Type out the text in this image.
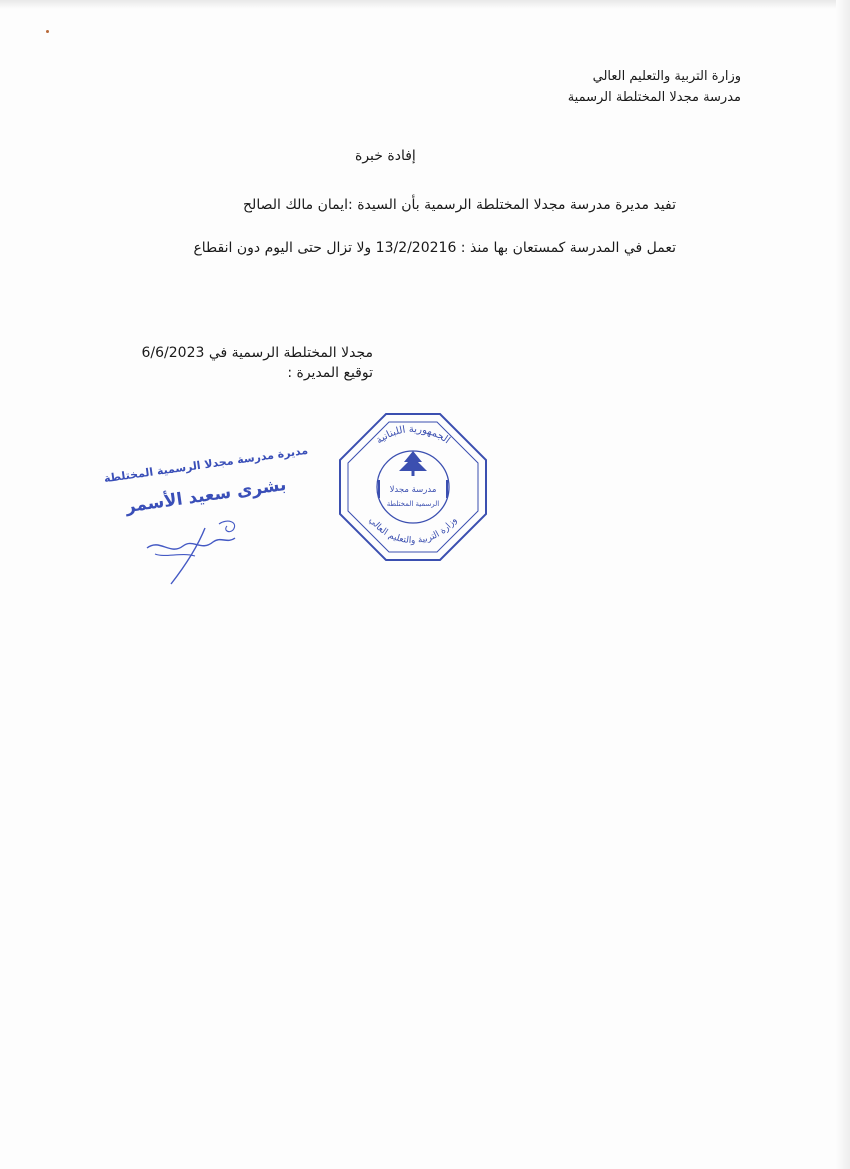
وزارة التربية والتعليم العالي
مدرسة مجدلا المختلطة الرسمية
إفادة خبرة
تفيد مديرة مدرسة مجدلا المختلطة الرسمية بأن السيدة :ايمان مالك الصالح
تعمل في المدرسة كمستعان بها منذ : 13/2/20216 ولا تزال حتى اليوم دون انقطاع
مجدلا المختلطة الرسمية في 6/6/2023
توقيع المديرة :
الجمهورية اللبنانية
وزارة التربية والتعليم العالي
مدرسة مجدلا
الرسمية المختلطة
مديرة مدرسة مجدلا الرسمية المختلطة
بشرى سعيد الأسمر
